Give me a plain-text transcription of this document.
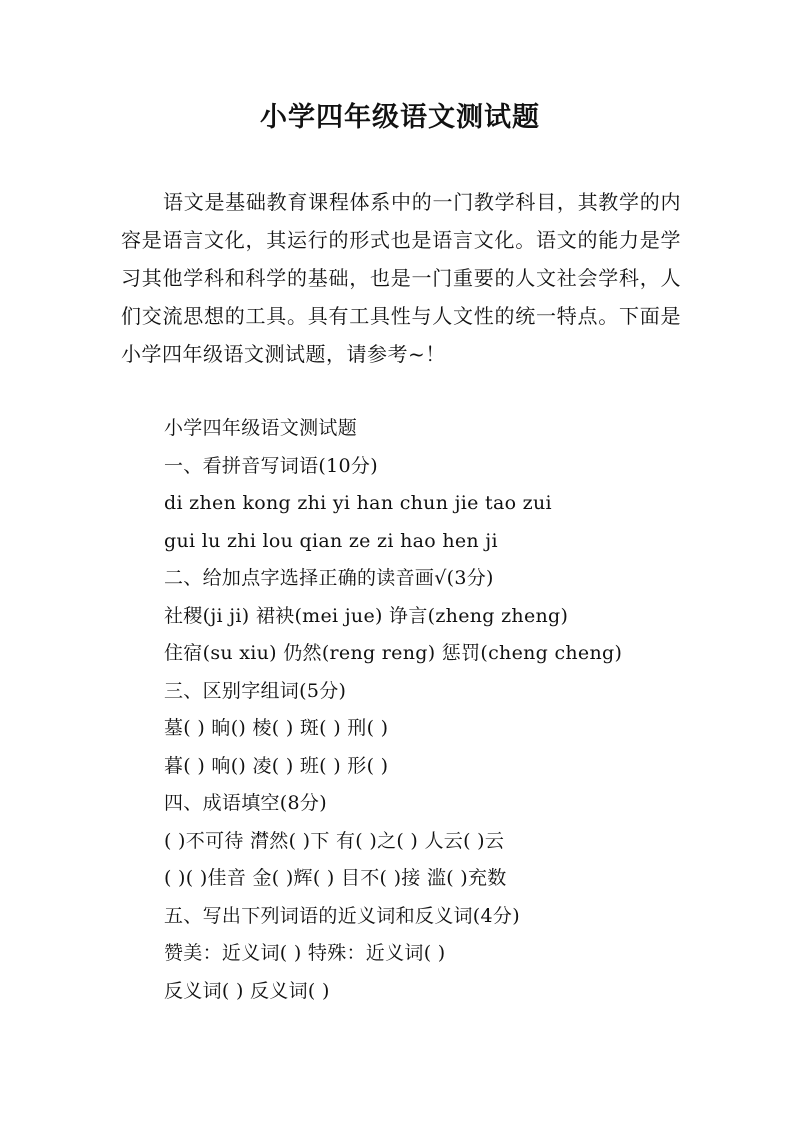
小学四年级语文测试题

语文是基础教育课程体系中的一门教学科目，其教学的内容是语言文化，其运行的形式也是语言文化。语文的能力是学习其他学科和科学的基础，也是一门重要的人文社会学科，人们交流思想的工具。具有工具性与人文性的统一特点。下面是小学四年级语文测试题，请参考~！

小学四年级语文测试题
一、看拼音写词语(10分)
di zhen kong zhi yi han chun jie tao zui
gui lu zhi lou qian ze zi hao hen ji
二、给加点字选择正确的读音画√(3分)
社稷(ji ji) 裙袂(mei jue) 诤言(zheng zheng)
住宿(su xiu) 仍然(reng reng) 惩罚(cheng cheng)
三、区别字组词(5分)
墓( ) 晌() 棱( ) 斑( ) 刑( )
暮( ) 响() 凌( ) 班( ) 形( )
四、成语填空(8分)
( )不可待 潸然( )下 有( )之( ) 人云( )云
( )( )佳音 金( )辉( ) 目不( )接 滥( )充数
五、写出下列词语的近义词和反义词(4分)
赞美：近义词( ) 特殊：近义词( )
反义词( ) 反义词( )
